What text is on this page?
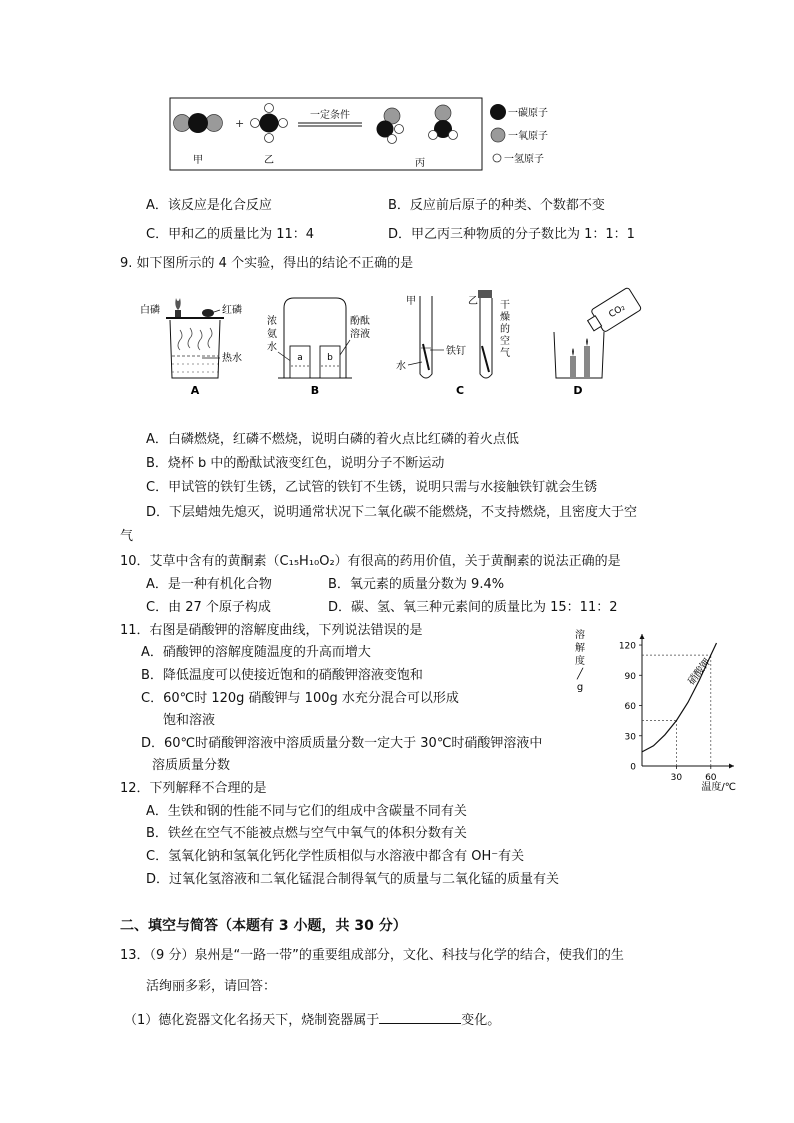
+
一定条件
甲	乙	丙
一碳原子
一氧原子
一氢原子
A．该反应是化合反应	B．反应前后原子的种类、个数都不变
C．甲和乙的质量比为 11：4	D．甲乙丙三种物质的分子数比为 1：1：1
9. 如下图所示的 4 个实验，得出的结论不正确的是
白磷	红磷
热水
A
浓
氨
水
酚酞
溶液
a	b
B
甲
水
铁钉
乙 干
燥
的
空
气
C
CO₂
D
A．白磷燃烧，红磷不燃烧，说明白磷的着火点比红磷的着火点低
B．烧杯 b 中的酚酞试液变红色，说明分子不断运动
C．甲试管的铁钉生锈，乙试管的铁钉不生锈，说明只需与水接触铁钉就会生锈
D．下层蜡烛先熄灭，说明通常状况下二氧化碳不能燃烧，不支持燃烧，且密度大于空
气
10．艾草中含有的黄酮素（C₁₅H₁₀O₂）有很高的药用价值，关于黄酮素的说法正确的是
A．是一种有机化合物	B．氧元素的质量分数为 9.4%
C．由 27 个原子构成	D．碳、氢、氧三种元素间的质量比为 15：11：2
11．右图是硝酸钾的溶解度曲线，下列说法错误的是
A．硝酸钾的溶解度随温度的升高而增大
B．降低温度可以使接近饱和的硝酸钾溶液变饱和
C．60℃时 120g 硝酸钾与 100g 水充分混合可以形成
饱和溶液
D．60℃时硝酸钾溶液中溶质质量分数一定大于 30℃时硝酸钾溶液中
溶质质量分数
30
60
90
120
0
30	60
硝酸钾
溶
解
度
╱
g
温度/℃
12．下列解释不合理的是
A．生铁和钢的性能不同与它们的组成中含碳量不同有关
B．铁丝在空气不能被点燃与空气中氧气的体积分数有关
C．氢氧化钠和氢氧化钙化学性质相似与水溶液中都含有 OH⁻有关
D．过氧化氢溶液和二氧化锰混合制得氧气的质量与二氧化锰的质量有关
二、填空与简答（本题有 3 小题，共 30 分）
13．（9 分）泉州是“一路一带”的重要组成部分，文化、科技与化学的结合，使我们的生
活绚丽多彩，请回答：
（1）德化瓷器文化名扬天下，烧制瓷器属于	变化。
